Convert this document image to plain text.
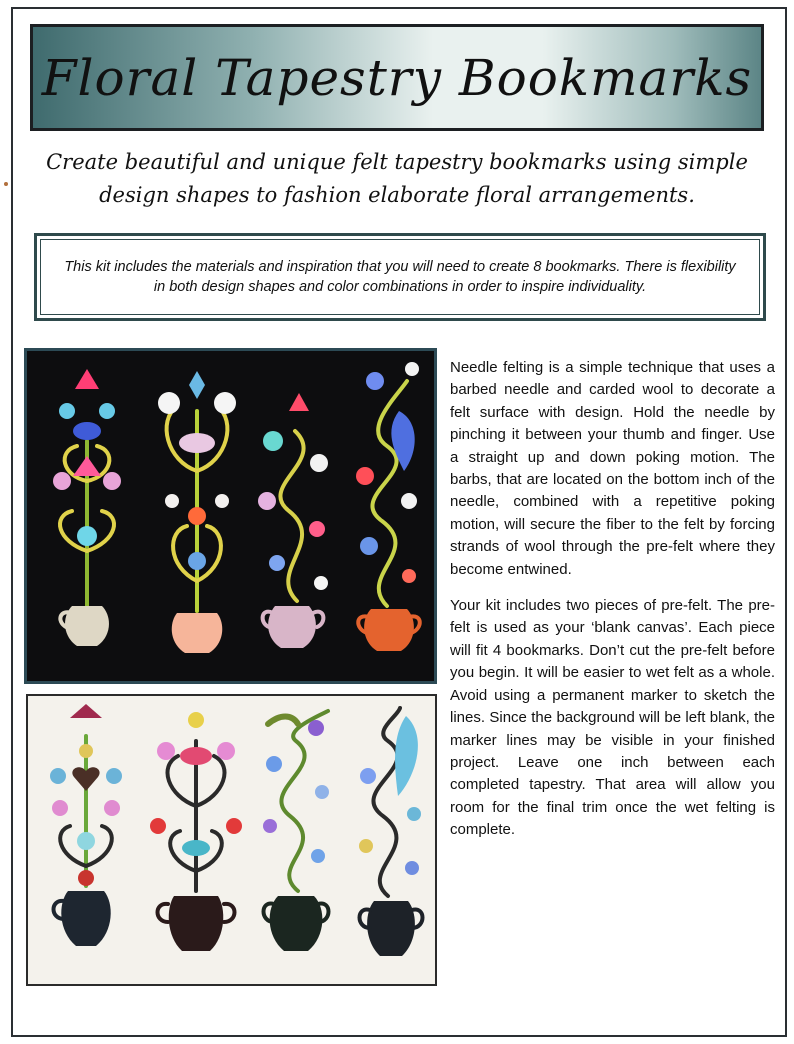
Floral Tapestry Bookmarks

Create beautiful and unique felt tapestry bookmarks using simple design shapes to fashion elaborate floral arrangements.

This kit includes the materials and inspiration that you will need to create 8 bookmarks. There is flexibility in both design shapes and color combinations in order to inspire individuality.

Needle felting is a simple technique that uses a barbed needle and carded wool to decorate a felt surface with design. Hold the needle by pinching it between your thumb and finger. Use a straight up and down poking motion. The barbs, that are located on the bottom inch of the needle, combined with a repetitive poking motion, will secure the fiber to the felt by forcing strands of wool through the pre-felt where they become entwined.

Your kit includes two pieces of pre-felt. The pre-felt is used as your ‘blank canvas’. Each piece will fit 4 bookmarks. Don’t cut the pre-felt before you begin. It will be easier to wet felt as a whole. Avoid using a permanent marker to sketch the lines. Since the background will be left blank, the marker lines may be visible in your finished project. Leave one inch between each completed tapestry. That area will allow you room for the final trim once the wet felting is complete.
